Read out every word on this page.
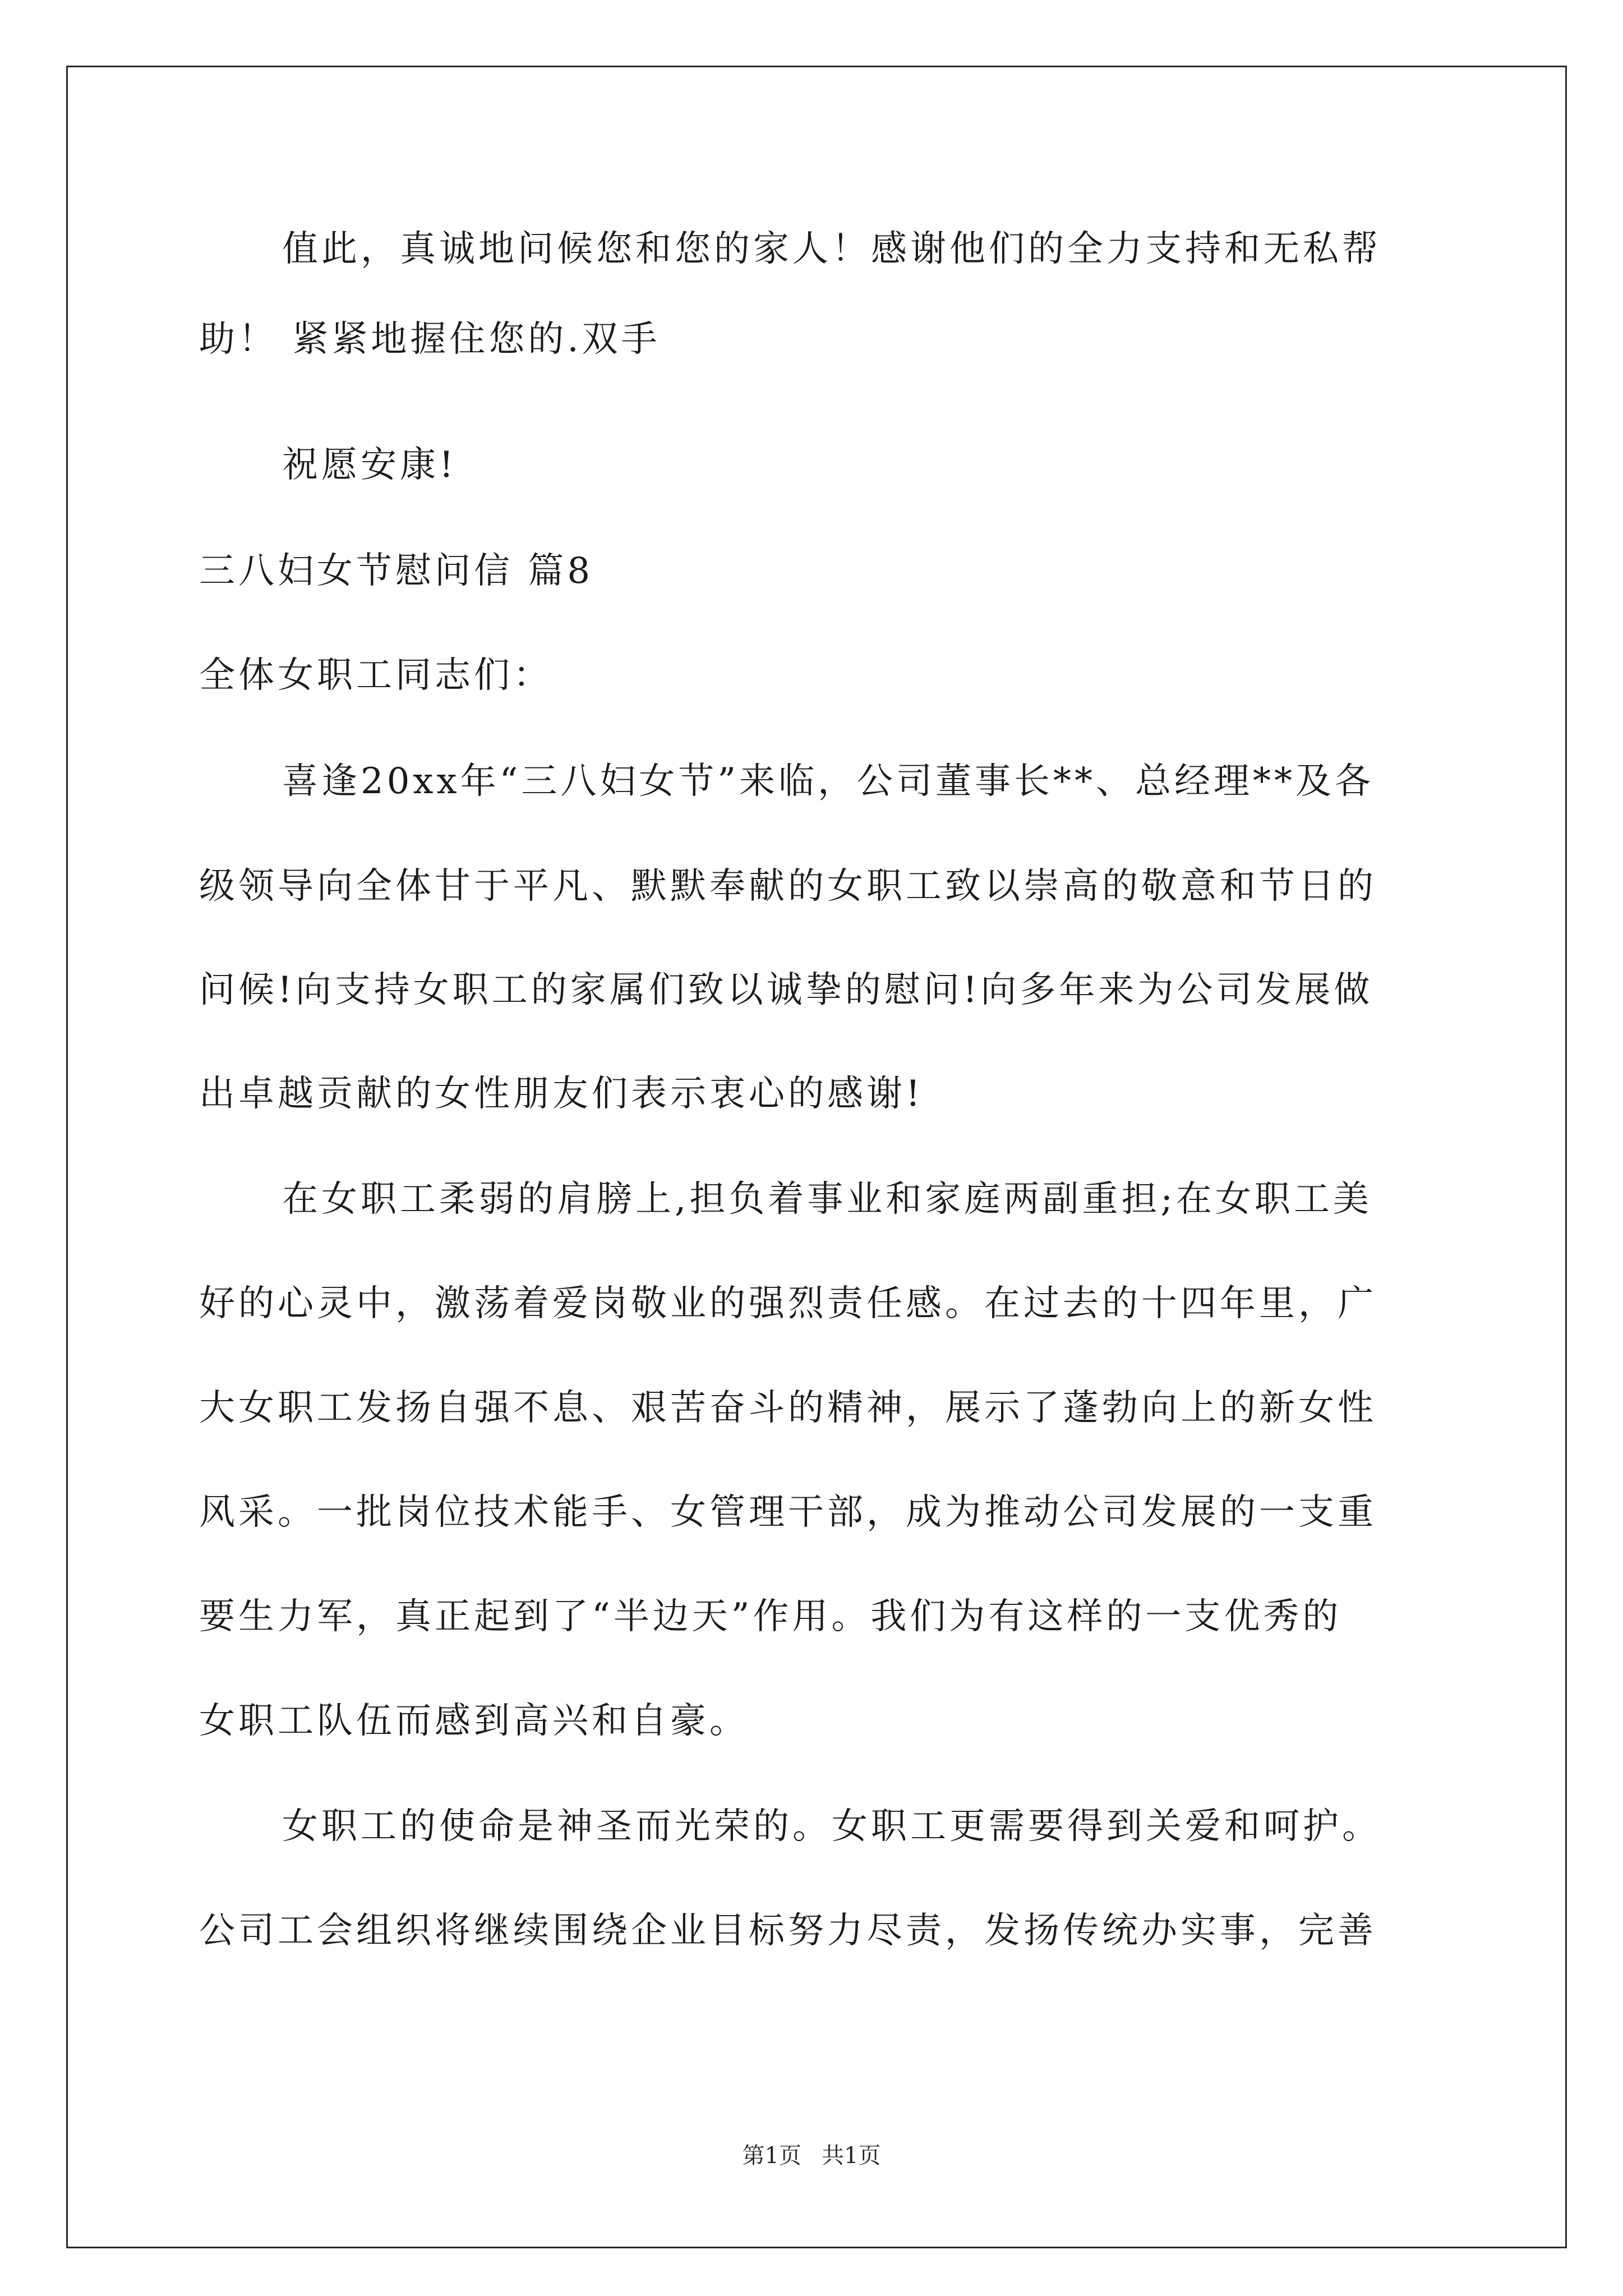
值此，真诚地问候您和您的家人！感谢他们的全力支持和无私帮
助！ 紧紧地握住您的.双手
祝愿安康!
三八妇女节慰问信 篇8
全体女职工同志们：
喜逢20xx年“三八妇女节”来临，公司董事长**、总经理**及各
级领导向全体甘于平凡、默默奉献的女职工致以崇高的敬意和节日的
问候!向支持女职工的家属们致以诚挚的慰问!向多年来为公司发展做
出卓越贡献的女性朋友们表示衷心的感谢!
在女职工柔弱的肩膀上,担负着事业和家庭两副重担;在女职工美
好的心灵中，激荡着爱岗敬业的强烈责任感。在过去的十四年里，广
大女职工发扬自强不息、艰苦奋斗的精神，展示了蓬勃向上的新女性
风采。一批岗位技术能手、女管理干部，成为推动公司发展的一支重
要生力军，真正起到了“半边天”作用。我们为有这样的一支优秀的
女职工队伍而感到高兴和自豪。
女职工的使命是神圣而光荣的。女职工更需要得到关爱和呵护。
公司工会组织将继续围绕企业目标努力尽责，发扬传统办实事，完善
第1页 共1页
